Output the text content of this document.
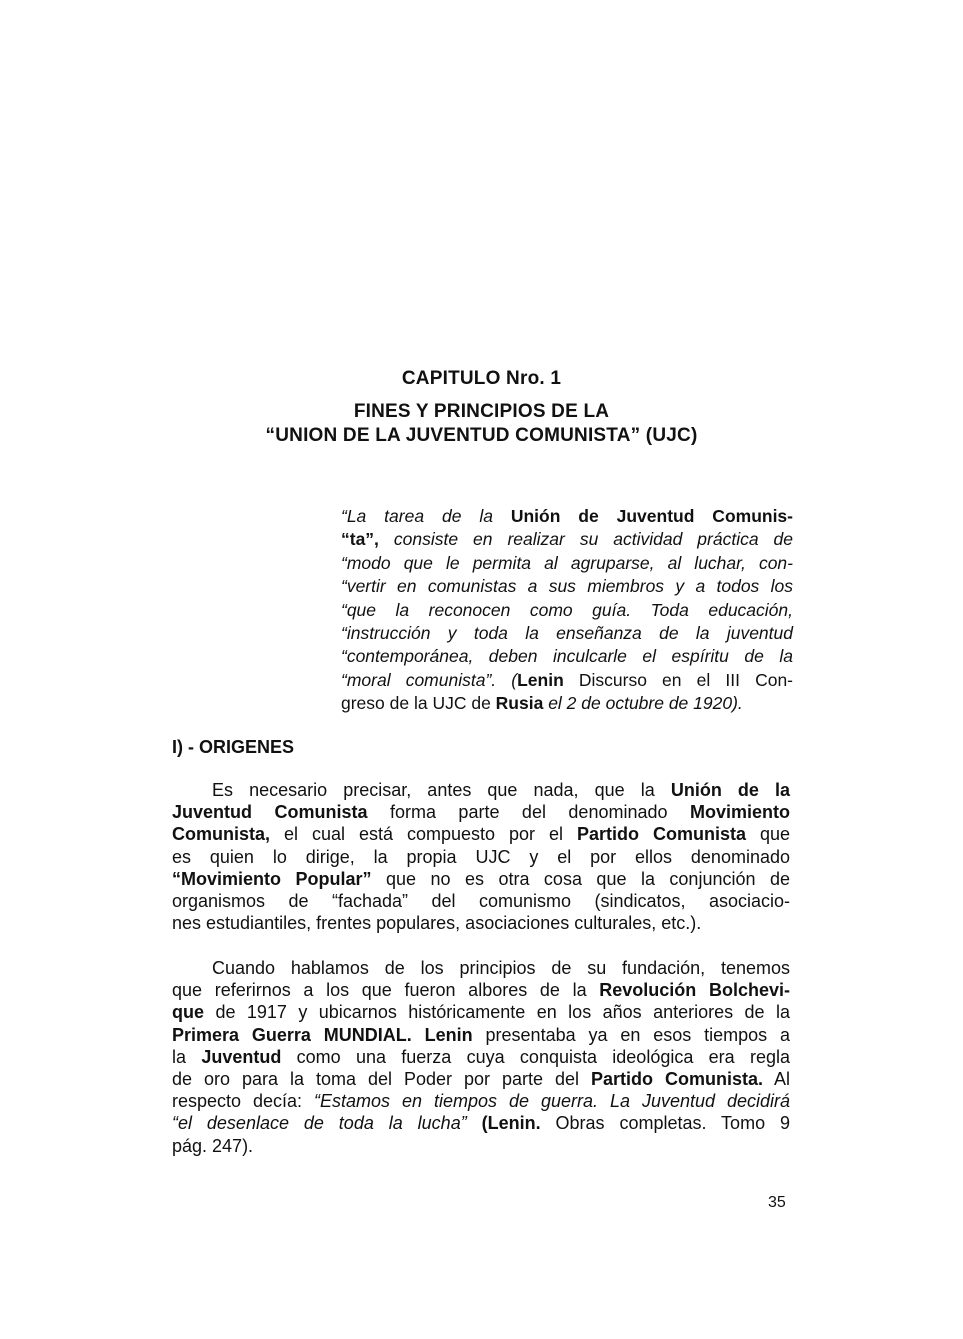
CAPITULO Nro. 1
FINES Y PRINCIPIOS DE LA
“UNION DE LA JUVENTUD COMUNISTA” (UJC)
“La tarea de la Unión de Juventud Comunis-
“ta”, consiste en realizar su actividad práctica de
“modo que le permita al agruparse, al luchar, con-
“vertir en comunistas a sus miembros y a todos los
“que la reconocen como guía. Toda educación,
“instrucción y toda la enseñanza de la juventud
“contemporánea, deben inculcarle el espíritu de la
“moral comunista”. (Lenin Discurso en el III Con-
greso de la UJC de Rusia el 2 de octubre de 1920).
I) - ORIGENES
Es necesario precisar, antes que nada, que la Unión de la
Juventud Comunista forma parte del denominado Movimiento
Comunista, el cual está compuesto por el Partido Comunista que
es quien lo dirige, la propia UJC y el por ellos denominado
“Movimiento Popular” que no es otra cosa que la conjunción de
organismos de “fachada” del comunismo (sindicatos, asociacio-
nes estudiantiles, frentes populares, asociaciones culturales, etc.).
Cuando hablamos de los principios de su fundación, tenemos
que referirnos a los que fueron albores de la Revolución Bolchevi-
que de 1917 y ubicarnos históricamente en los años anteriores de la
Primera Guerra MUNDIAL. Lenin presentaba ya en esos tiempos a
la Juventud como una fuerza cuya conquista ideológica era regla
de oro para la toma del Poder por parte del Partido Comunista. Al
respecto decía: “Estamos en tiempos de guerra. La Juventud decidirá
“el desenlace de toda la lucha” (Lenin. Obras completas. Tomo 9
pág. 247).
35
